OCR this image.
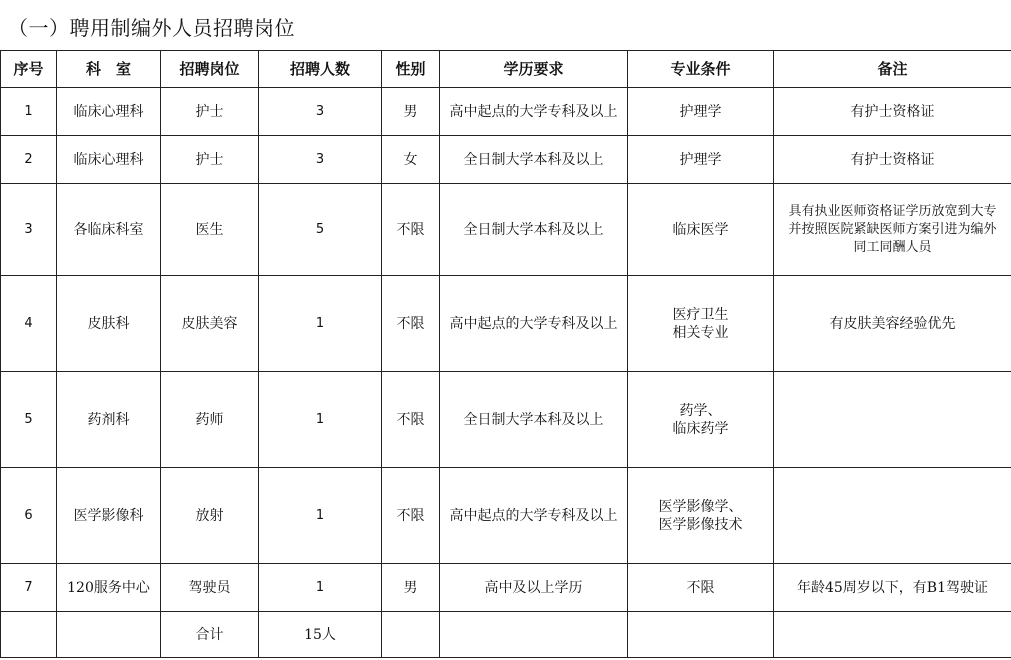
（一）聘用制编外人员招聘岗位
序号	科　室	招聘岗位	招聘人数	性别	学历要求	专业条件	备注
1	临床心理科	护士	3	男	高中起点的大学专科及以上	护理学	有护士资格证
2	临床心理科	护士	3	女	全日制大学本科及以上	护理学	有护士资格证
3	各临床科室	医生	5	不限	全日制大学本科及以上	临床医学	具有执业医师资格证学历放宽到大专
并按照医院紧缺医师方案引进为编外
同工同酬人员
4	皮肤科	皮肤美容	1	不限	高中起点的大学专科及以上	医疗卫生
相关专业	有皮肤美容经验优先
5	药剂科	药师	1	不限	全日制大学本科及以上	药学、
临床药学	
6	医学影像科	放射	1	不限	高中起点的大学专科及以上	医学影像学、
医学影像技术	
7	120服务中心	驾驶员	1	男	高中及以上学历	不限	年龄45周岁以下，有B1驾驶证
		合计	15人				
